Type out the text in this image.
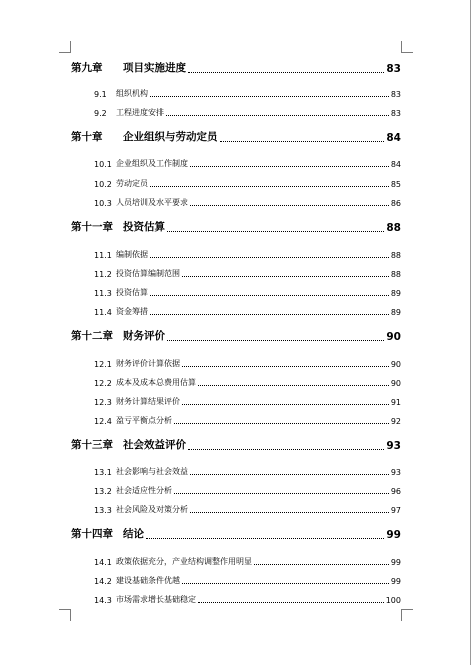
第九章	项目实施进度	83
9.1	组织机构	83
9.2	工程进度安排	83
第十章	企业组织与劳动定员	84
10.1 企业组织及工作制度	84
10.2 劳动定员	85
10.3 人员培训及水平要求	86
第十一章 投资估算	88
11.1 编制依据	88
11.2 投资估算编制范围	88
11.3 投资估算	89
11.4 资金筹措	89
第十二章 财务评价	90
12.1 财务评价计算依据	90
12.2 成本及成本总费用估算	90
12.3 财务计算结果评价	91
12.4 盈亏平衡点分析	92
第十三章 社会效益评价	93
13.1 社会影响与社会效益	93
13.2 社会适应性分析	96
13.3 社会风险及对策分析	97
第十四章 结论	99
14.1 政策依据充分，产业结构调整作用明显	99
14.2 建设基础条件优越	99
14.3 市场需求增长基础稳定	100
